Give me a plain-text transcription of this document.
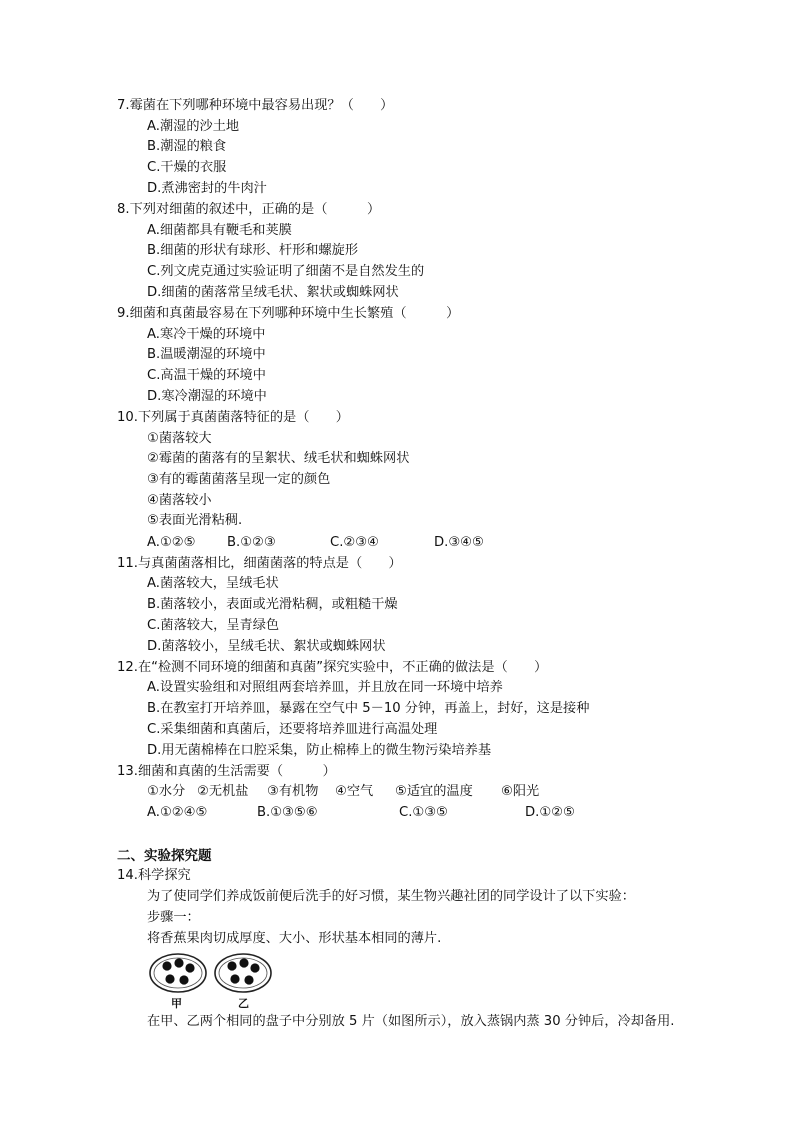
7.霉菌在下列哪种环境中最容易出现？（　　）
A.潮湿的沙土地
B.潮湿的粮食
C.干燥的衣服
D.煮沸密封的牛肉汁
8.下列对细菌的叙述中，正确的是（　　　）
A.细菌都具有鞭毛和荚膜
B.细菌的形状有球形、杆形和螺旋形
C.列文虎克通过实验证明了细菌不是自然发生的
D.细菌的菌落常呈绒毛状、絮状或蜘蛛网状
9.细菌和真菌最容易在下列哪种环境中生长繁殖（　　　）
A.寒冷干燥的环境中
B.温暖潮湿的环境中
C.高温干燥的环境中
D.寒冷潮湿的环境中
10.下列属于真菌菌落特征的是（　　）
①菌落较大
②霉菌的菌落有的呈絮状、绒毛状和蜘蛛网状
③有的霉菌菌落呈现一定的颜色
④菌落较小
⑤表面光滑粘稠.
A.①②⑤ B.①②③	C.②③④	D.③④⑤
11.与真菌菌落相比，细菌菌落的特点是（　　）
A.菌落较大，呈绒毛状
B.菌落较小，表面或光滑粘稠，或粗糙干燥
C.菌落较大，呈青绿色
D.菌落较小，呈绒毛状、絮状或蜘蛛网状
12.在“检测不同环境的细菌和真菌”探究实验中，不正确的做法是（　　）
A.设置实验组和对照组两套培养皿，并且放在同一环境中培养
B.在教室打开培养皿，暴露在空气中 5－10 分钟，再盖上，封好，这是接种
C.采集细菌和真菌后，还要将培养皿进行高温处理
D.用无菌棉棒在口腔采集，防止棉棒上的微生物污染培养基
13.细菌和真菌的生活需要（　　　）
①水分 ②无机盐 ③有机物 ④空气 ⑤适宜的温度 ⑥阳光
A.①②④⑤	B.①③⑤⑥	C.①③⑤	D.①②⑤
二、实验探究题
14.科学探究
为了使同学们养成饭前便后洗手的好习惯，某生物兴趣社团的同学设计了以下实验：
步骤一：
将香蕉果肉切成厚度、大小、形状基本相同的薄片.
甲	乙
在甲、乙两个相同的盘子中分别放 5 片（如图所示），放入蒸锅内蒸 30 分钟后，冷却备用.
